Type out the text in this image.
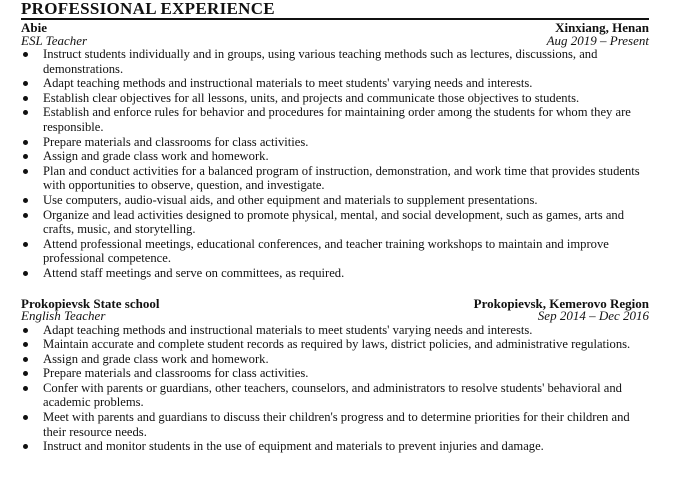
PROFESSIONAL EXPERIENCE
Abie	Xinxiang, Henan
ESL Teacher	Aug 2019 – Present
Instruct students individually and in groups, using various teaching methods such as lectures, discussions, and demonstrations.
Adapt teaching methods and instructional materials to meet students' varying needs and interests.
Establish clear objectives for all lessons, units, and projects and communicate those objectives to students.
Establish and enforce rules for behavior and procedures for maintaining order among the students for whom they are responsible.
Prepare materials and classrooms for class activities.
Assign and grade class work and homework.
Plan and conduct activities for a balanced program of instruction, demonstration, and work time that provides students with opportunities to observe, question, and investigate.
Use computers, audio-visual aids, and other equipment and materials to supplement presentations.
Organize and lead activities designed to promote physical, mental, and social development, such as games, arts and crafts, music, and storytelling.
Attend professional meetings, educational conferences, and teacher training workshops to maintain and improve professional competence.
Attend staff meetings and serve on committees, as required.
Prokopievsk State school	Prokopievsk, Kemerovo Region
English Teacher	Sep 2014 – Dec 2016
Adapt teaching methods and instructional materials to meet students' varying needs and interests.
Maintain accurate and complete student records as required by laws, district policies, and administrative regulations.
Assign and grade class work and homework.
Prepare materials and classrooms for class activities.
Confer with parents or guardians, other teachers, counselors, and administrators to resolve students' behavioral and academic problems.
Meet with parents and guardians to discuss their children's progress and to determine priorities for their children and their resource needs.
Instruct and monitor students in the use of equipment and materials to prevent injuries and damage.
